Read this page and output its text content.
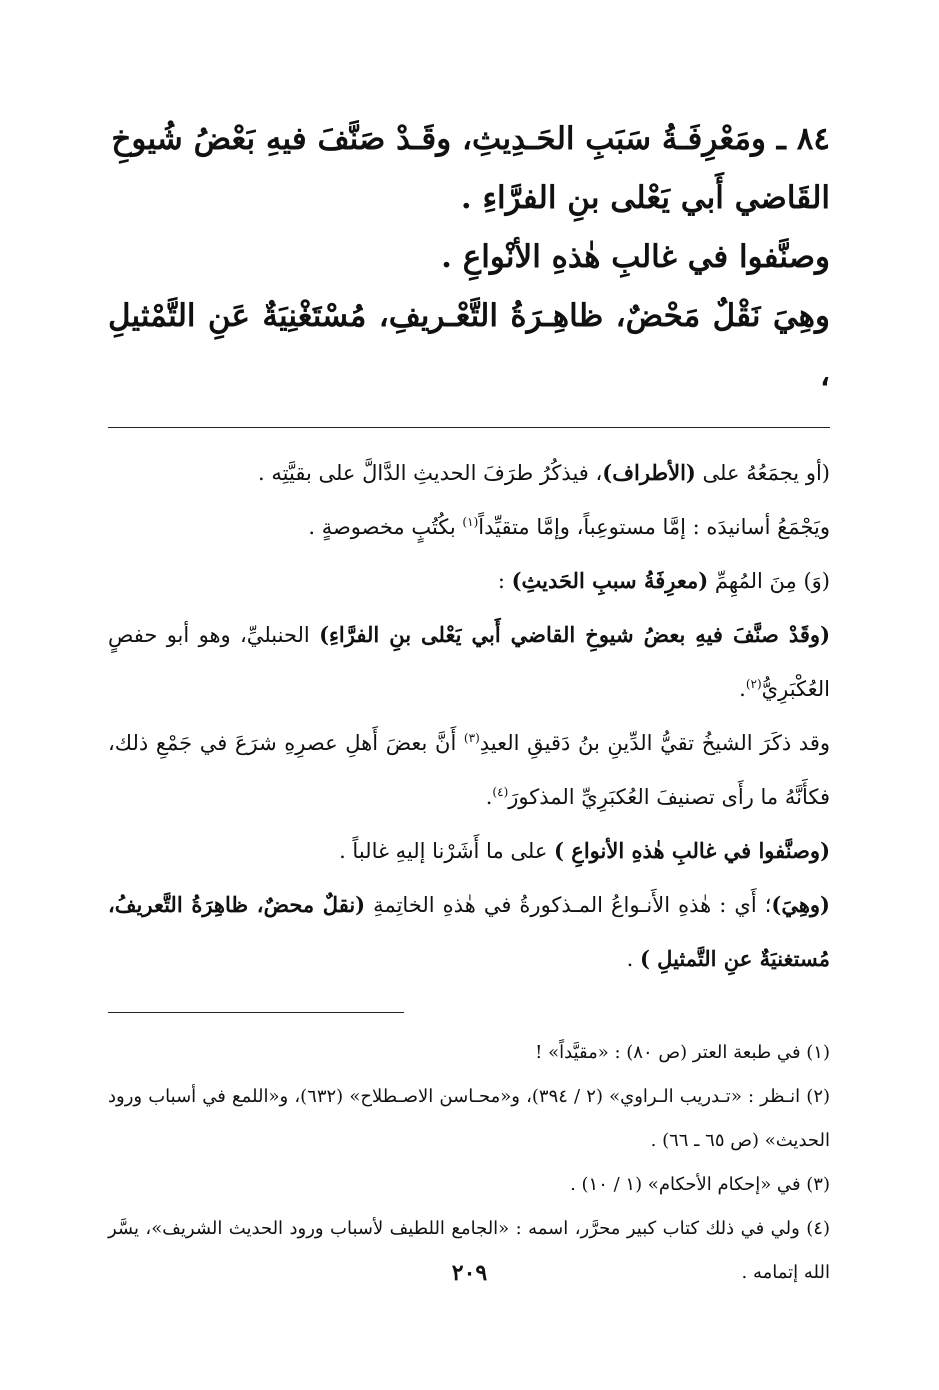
٨٤ ـ ومَعْرِفَـةُ سَبَبِ الحَـدِيثِ، وقَـدْ صَنَّفَ فيهِ بَعْضُ شُيوخِ

القَاضي أَبي يَعْلى بنِ الفرَّاءِ .

وصنَّفوا في غالبِ هٰذهِ الأنْواعِ .

وهِيَ نَقْلٌ مَحْضٌ، ظاهِـرَةُ التَّعْـريفِ، مُسْتَغْنِيَةٌ عَنِ التَّمْثيلِ ،

(أو يجمَعُهُ على (الأطراف)، فيذكُرُ طرَفَ الحديثِ الدَّالَّ على بقيَّتِه .

ويَجْمَعُ أسانيدَه : إمَّا مستوعِباً، وإمَّا متقيِّداً$^{(١)}$ بكُتُبٍ مخصوصةٍ .

(وَ) مِنَ المُهِمِّ (معرِفَةُ سببِ الحَديثِ) :

(وقَدْ صنَّفَ فيهِ بعضُ شيوخِ القاضي أَبي يَعْلى بنِ الفرَّاءِ) الحنبليِّ، وهو أبو حفصٍ العُكْبَرِيُّ$^{(٢)}$.

وقد ذكَرَ الشيخُ تقيُّ الدِّينِ بنُ دَقيقِ العيدِ$^{(٣)}$ أَنَّ بعضَ أَهلِ عصرِهِ شرَعَ في جَمْعِ ذلك، فكأَنَّهُ ما رأَى تصنيفَ العُكبَرِيِّ المذكورَ$^{(٤)}$.

(وصنَّفوا في غالبِ هٰذهِ الأنواعِ ) على ما أَشَرْنا إليهِ غالباً .

(وهِيَ)؛ أَي : هٰذهِ الأَنـواعُ المـذكورةُ في هٰذهِ الخاتِمةِ (نقلٌ محضٌ، ظاهِرَةُ التَّعريفُ، مُستغنيَةٌ عنِ التَّمثيلِ ) .

(١) في طبعة العتر (ص ٨٠) : «مقيَّداً» !

(٢) انـظر : «تـدريب الـراوي» (٢ / ٣٩٤)، و«محـاسن الاصـطلاح» (٦٣٢)، و«اللمع في أسباب ورود الحديث» (ص ٦٥ ـ ٦٦) .

(٣) في «إحكام الأحكام» (١ / ١٠) .

(٤) ولي في ذلك كتاب كبير محرَّر، اسمه : «الجامع اللطيف لأسباب ورود الحديث الشريف»، يسَّر الله إتمامه .

٢٠٩
